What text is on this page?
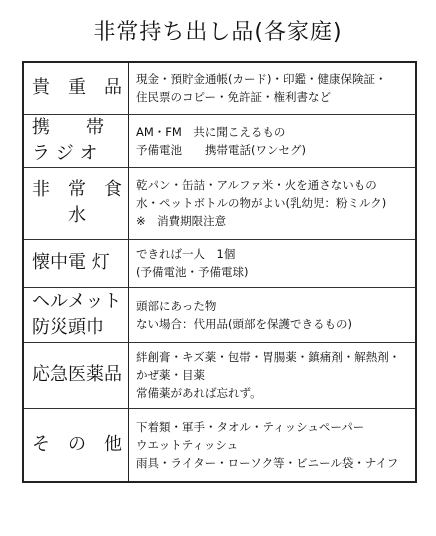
非常持ち出し品(各家庭)
貴　重　品	現金・預貯金通帳(カード)・印鑑・健康保険証・
住民票のコピー・免許証・権利書など

携　　帯
ラ ジ オ	AM・FM　共に聞こえるもの
予備電池　　携帯電話(ワンセグ)

非　常　食
水	乾パン・缶詰・アルファ米・火を通さないもの
水・ペットボトルの物がよい(乳幼児：粉ミルク)
※　消費期限注意

懐中電 灯	できれば一人　1個
(予備電池・予備電球)

ヘルメット
防災頭巾	頭部にあった物
ない場合：代用品(頭部を保護できるもの)

応急医薬品	絆創膏・キズ薬・包帯・胃腸薬・鎮痛剤・解熱剤・
かぜ薬・目薬
常備薬があれば忘れず。

そ　の　他	下着類・軍手・タオル・ティッシュペーパー
ウエットティッシュ
雨具・ライター・ローソク等・ビニール袋・ナイフ
